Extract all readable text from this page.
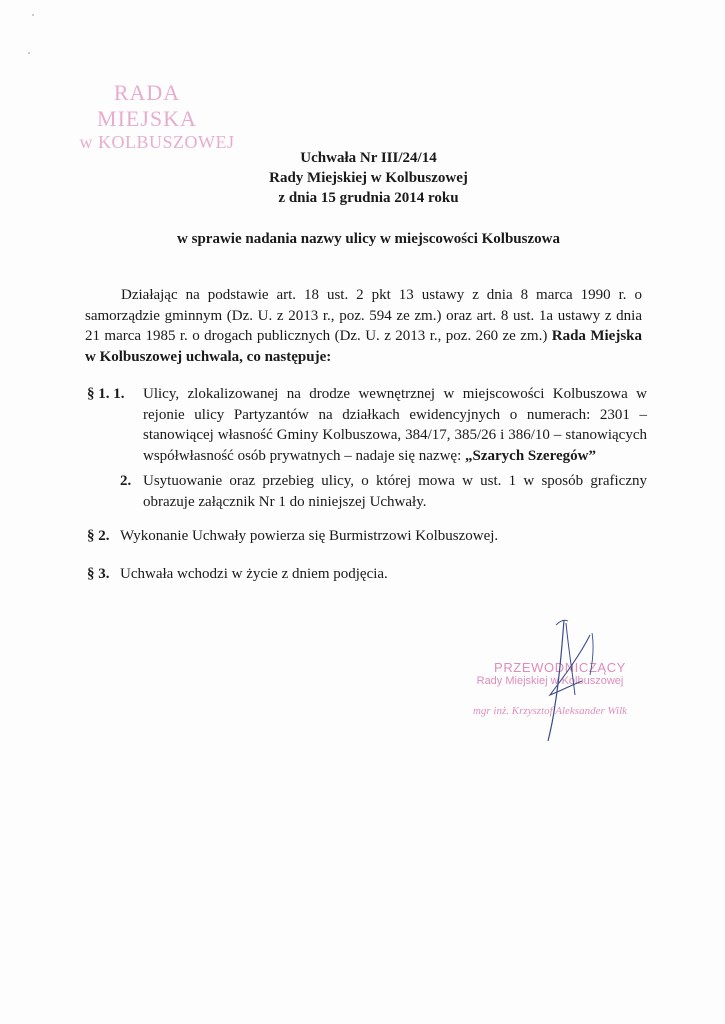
RADA MIEJSKA
w KOLBUSZOWEJ
Uchwała Nr III/24/14
Rady Miejskiej w Kolbuszowej
z dnia 15 grudnia 2014 roku
w sprawie nadania nazwy ulicy w miejscowości Kolbuszowa
Działając na podstawie art. 18 ust. 2 pkt 13 ustawy z dnia 8 marca 1990 r. o samorządzie gminnym (Dz. U. z 2013 r., poz. 594 ze zm.) oraz art. 8 ust. 1a ustawy z dnia 21 marca 1985 r. o drogach publicznych (Dz. U. z 2013 r., poz. 260 ze zm.) Rada Miejska w Kolbuszowej uchwala, co następuje:
§ 1. 1. Ulicy, zlokalizowanej na drodze wewnętrznej w miejscowości Kolbuszowa w rejonie ulicy Partyzantów na działkach ewidencyjnych o numerach: 2301 – stanowiącej własność Gminy Kolbuszowa, 384/17, 385/26 i 386/10 – stanowiących współwłasność osób prywatnych – nadaje się nazwę: „Szarych Szeregów”
2. Usytuowanie oraz przebieg ulicy, o której mowa w ust. 1 w sposób graficzny obrazuje załącznik Nr 1 do niniejszej Uchwały.
§ 2. Wykonanie Uchwały powierza się Burmistrzowi Kolbuszowej.
§ 3. Uchwała wchodzi w życie z dniem podjęcia.
PRZEWODNICZĄCY
Rady Miejskiej w Kolbuszowej
mgr inż. Krzysztof Aleksander Wilk
